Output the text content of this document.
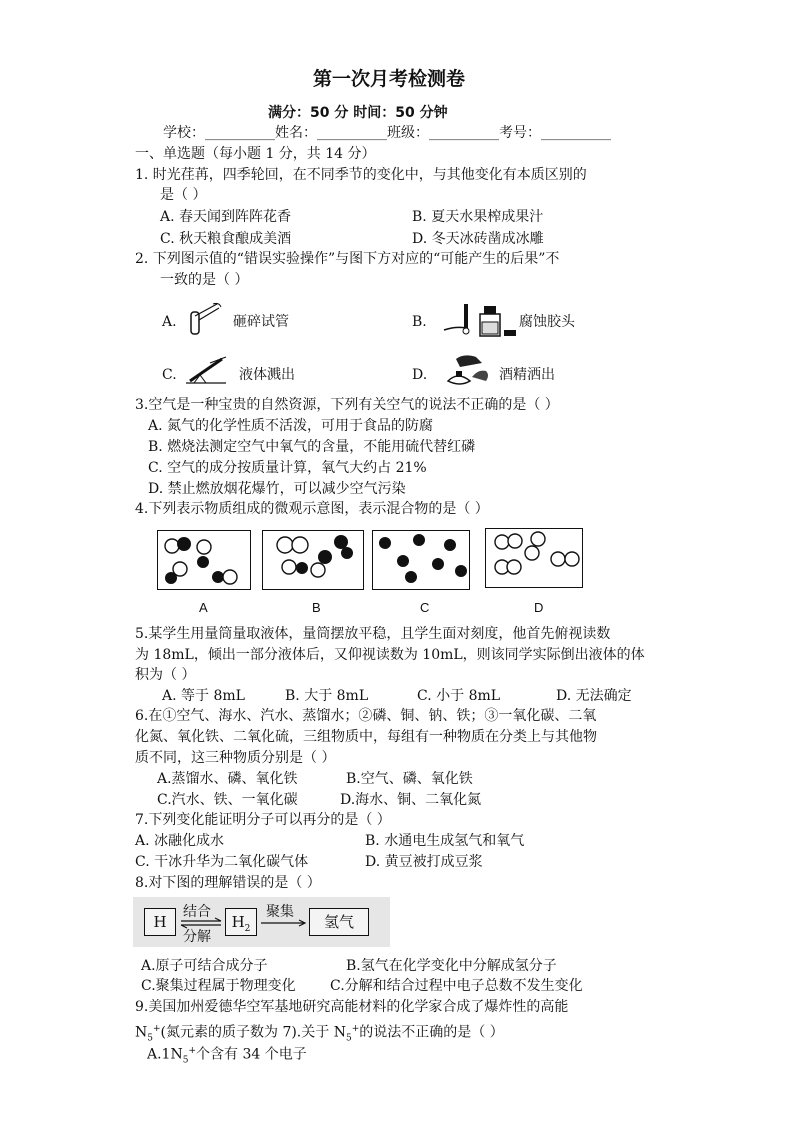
第一次月考检测卷
满分：50 分 时间：50 分钟
学校：__________姓名：__________班级：__________考号：__________
一、单选题（每小题 1 分，共 14 分）
1. 时光荏苒，四季轮回，在不同季节的变化中，与其他变化有本质区别的
是（ ）
A. 春天闻到阵阵花香	B. 夏天水果榨成果汁
C. 秋天粮食酿成美酒	D. 冬天冰砖凿成冰雕
2. 下列图示值的“错误实验操作”与图下方对应的“可能产生的后果”不
一致的是（ ）
A.	砸碎试管	B.	腐蚀胶头
C.	液体溅出	D.	酒精洒出
3.空气是一种宝贵的自然资源，下列有关空气的说法不正确的是（ ）
A. 氮气的化学性质不活泼，可用于食品的防腐
B. 燃烧法测定空气中氧气的含量，不能用硫代替红磷
C. 空气的成分按质量计算，氧气大约占 21%
D. 禁止燃放烟花爆竹，可以减少空气污染
4.下列表示物质组成的微观示意图，表示混合物的是（ ）
A	B	C	D
5.某学生用量筒量取液体，量筒摆放平稳，且学生面对刻度，他首先俯视读数
为 18mL，倾出一部分液体后，又仰视读数为 10mL，则该同学实际倒出液体的体
积为（ ）
A. 等于 8mL	B. 大于 8mL	C. 小于 8mL	D. 无法确定
6.在①空气、海水、汽水、蒸馏水；②磷、铜、钠、铁；③一氧化碳、二氧
化氮、氧化铁、二氧化硫，三组物质中，每组有一种物质在分类上与其他物
质不同，这三种物质分别是（ ）
A.蒸馏水、磷、氧化铁	B.空气、磷、氧化铁
C.汽水、铁、一氧化碳	D.海水、铜、二氧化氮
7.下列变化能证明分子可以再分的是（ ）
A. 冰融化成水	B. 水通电生成氢气和氧气
C. 干冰升华为二氧化碳气体	D. 黄豆被打成豆浆
8.对下图的理解错误的是（ ）
H
结合
分解
$H_2$
聚集
氢气
A.原子可结合成分子	B.氢气在化学变化中分解成氢分子
C.聚集过程属于物理变化 C.分解和结合过程中电子总数不发生变化
9.美国加州爱德华空军基地研究高能材料的化学家合成了爆炸性的高能
$N_5^+$(氮元素的质子数为 7).关于 $N_5^+$的说法不正确的是（ ）
$A.1N_5^+$个含有 34 个电子
